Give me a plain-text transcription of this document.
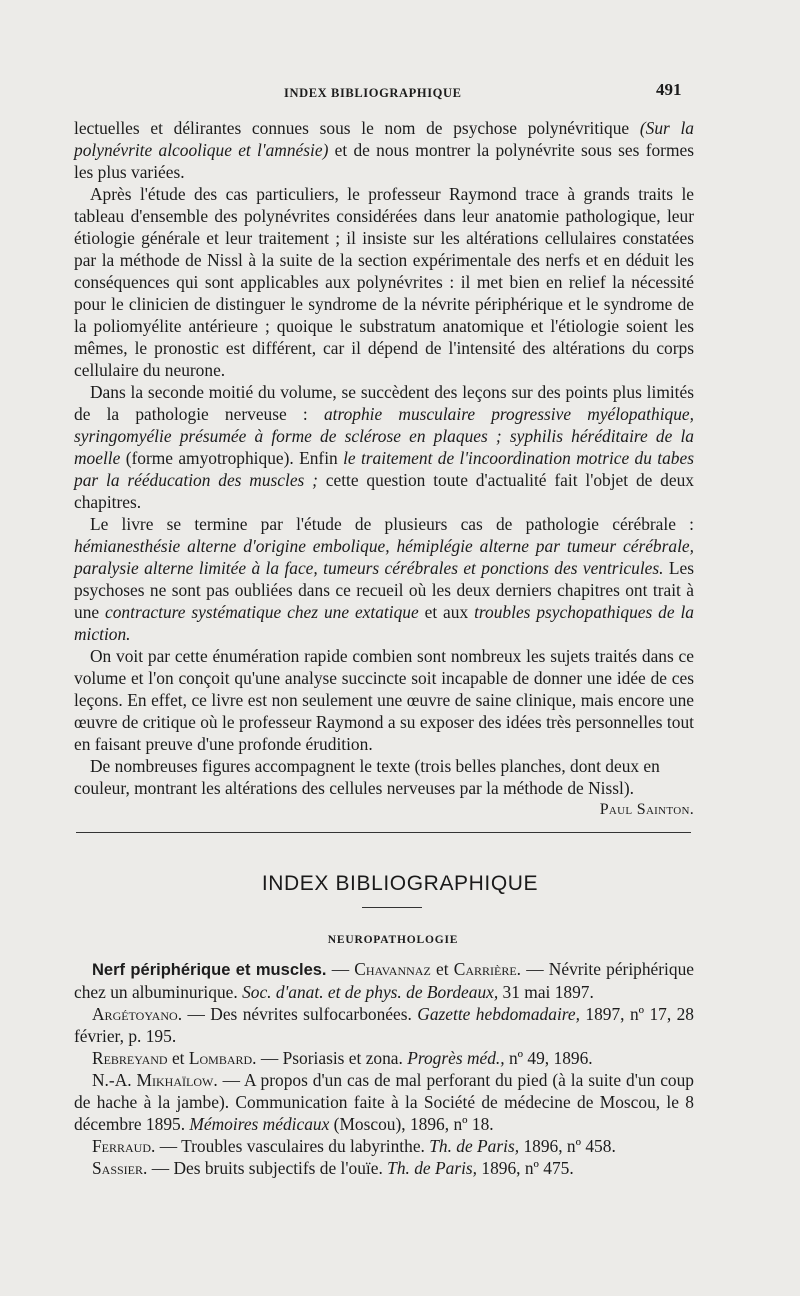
INDEX BIBLIOGRAPHIQUE	491

lectuelles et délirantes connues sous le nom de psychose polynévritique (Sur la polynévrite alcoolique et l'amnésie) et de nous montrer la polynévrite sous ses formes les plus variées.

Après l'étude des cas particuliers, le professeur Raymond trace à grands traits le tableau d'ensemble des polynévrites considérées dans leur anatomie pathologique, leur étiologie générale et leur traitement ; il insiste sur les altérations cellulaires constatées par la méthode de Nissl à la suite de la section expérimentale des nerfs et en déduit les conséquences qui sont applicables aux polynévrites : il met bien en relief la nécessité pour le clinicien de distinguer le syndrome de la névrite périphérique et le syndrome de la poliomyélite antérieure ; quoique le substratum anatomique et l'étiologie soient les mêmes, le pronostic est différent, car il dépend de l'intensité des altérations du corps cellulaire du neurone.

Dans la seconde moitié du volume, se succèdent des leçons sur des points plus limités de la pathologie nerveuse : atrophie musculaire progressive myélopathique, syringomyélie présumée à forme de sclérose en plaques ; syphilis héréditaire de la moelle (forme amyotrophique). Enfin le traitement de l'incoordination motrice du tabes par la rééducation des muscles ; cette question toute d'actualité fait l'objet de deux chapitres.

Le livre se termine par l'étude de plusieurs cas de pathologie cérébrale : hémianesthésie alterne d'origine embolique, hémiplégie alterne par tumeur cérébrale, paralysie alterne limitée à la face, tumeurs cérébrales et ponctions des ventricules. Les psychoses ne sont pas oubliées dans ce recueil où les deux derniers chapitres ont trait à une contracture systématique chez une extatique et aux troubles psychopathiques de la miction.

On voit par cette énumération rapide combien sont nombreux les sujets traités dans ce volume et l'on conçoit qu'une analyse succincte soit incapable de donner une idée de ces leçons. En effet, ce livre est non seulement une œuvre de saine clinique, mais encore une œuvre de critique où le professeur Raymond a su exposer des idées très personnelles tout en faisant preuve d'une profonde érudition.

De nombreuses figures accompagnent le texte (trois belles planches, dont deux en couleur, montrant les altérations des cellules nerveuses par la méthode de Nissl).
Paul Sainton.

INDEX BIBLIOGRAPHIQUE
NEUROPATHOLOGIE

Nerf périphérique et muscles. — Chavannaz et Carrière. — Névrite périphérique chez un albuminurique. Soc. d'anat. et de phys. de Bordeaux, 31 mai 1897.

Argétoyano. — Des névrites sulfocarbonées. Gazette hebdomadaire, 1897, nº 17, 28 février, p. 195.

Rebreyand et Lombard. — Psoriasis et zona. Progrès méd., nº 49, 1896.

N.-A. Mikhaïlow. — A propos d'un cas de mal perforant du pied (à la suite d'un coup de hache à la jambe). Communication faite à la Société de médecine de Moscou, le 8 décembre 1895. Mémoires médicaux (Moscou), 1896, nº 18.

Ferraud. — Troubles vasculaires du labyrinthe. Th. de Paris, 1896, nº 458.

Sassier. — Des bruits subjectifs de l'ouïe. Th. de Paris, 1896, nº 475.
